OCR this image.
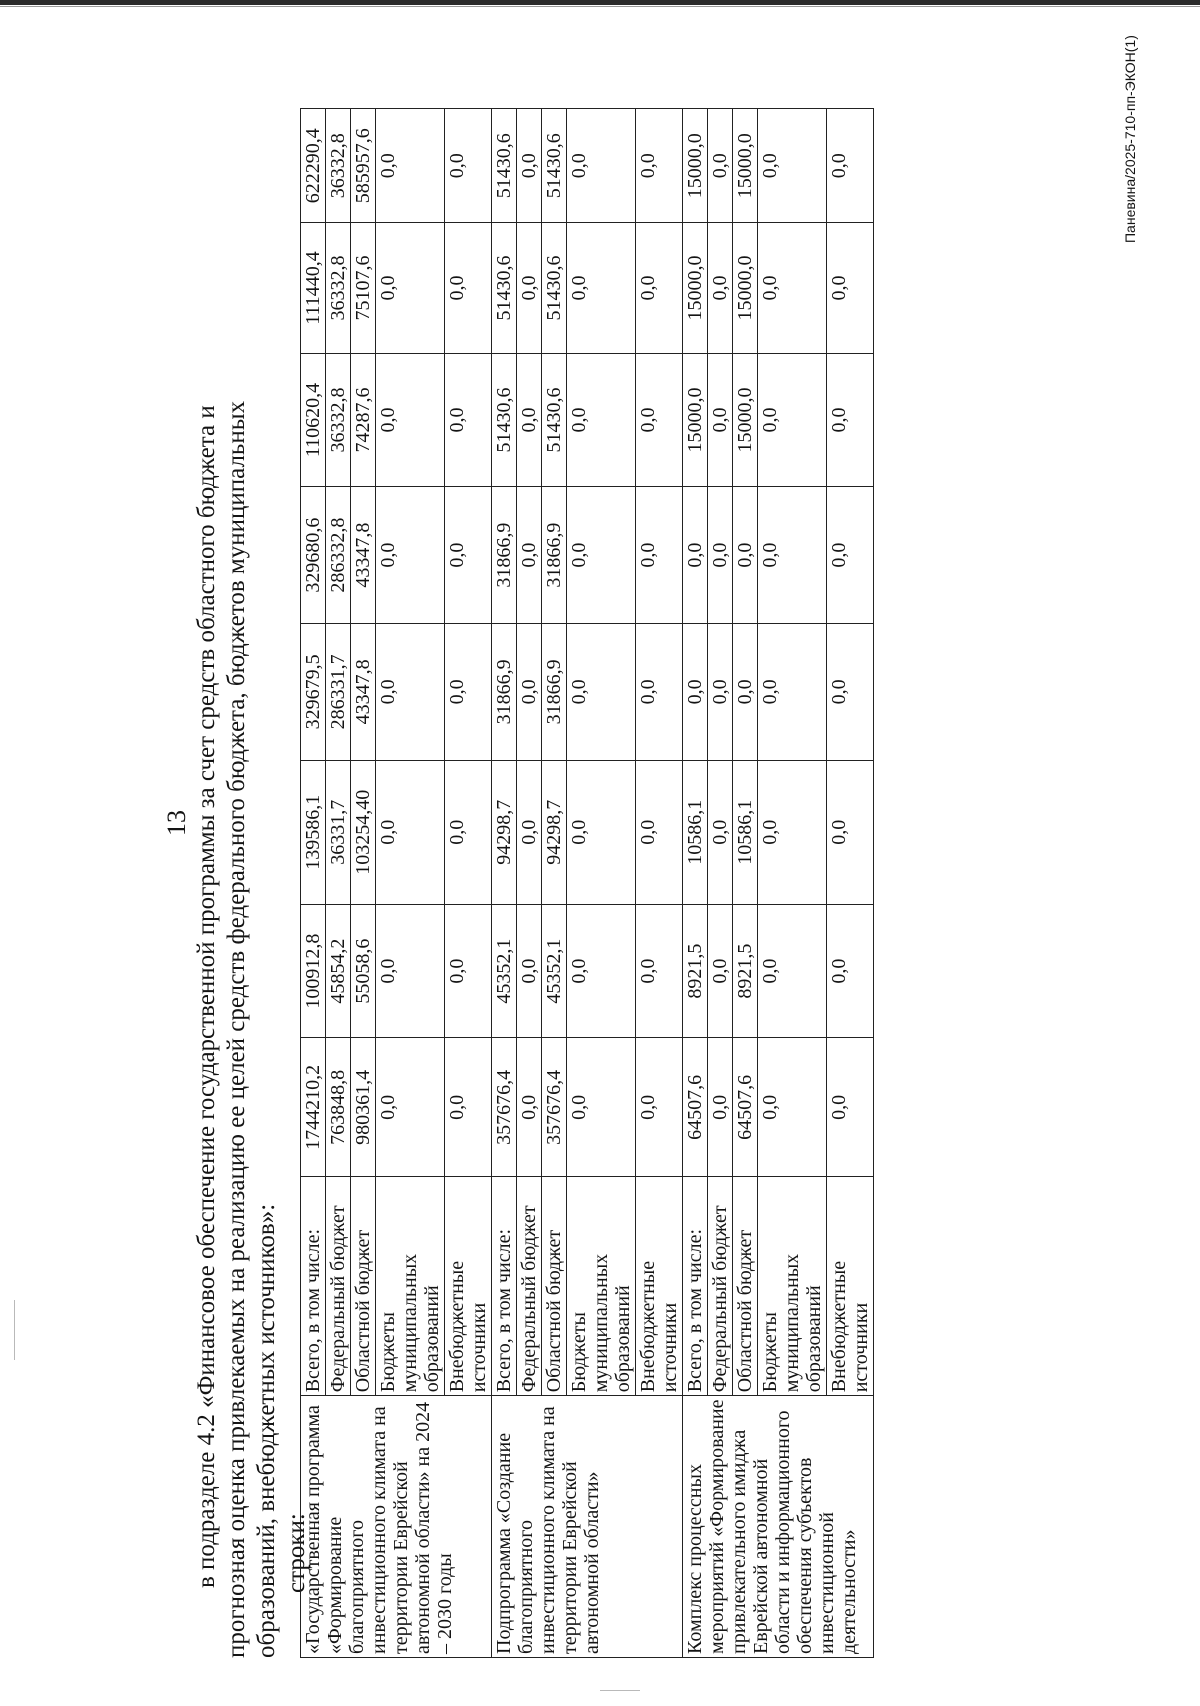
13 в подразделе 4.2 «Финансовое обеспечение государственной программы за счет средств областного бюджета и прогнозная оценка привлекаемых на реализацию ее целей средств федерального бюджета, бюджетов муниципальных образований, внебюджетных источников»: строки:

«Государственная программа «Формирование благоприятного инвестиционного климата на территории Еврейской автономной области» на 2024 – 2030 годы	Всего, в том числе:	1744210,2	100912,8	139586,1	329679,5	329680,6	110620,4	111440,4	622290,4
	Федеральный бюджет	763848,8	45854,2	36331,7	286331,7	286332,8	36332,8	36332,8	36332,8
	Областной бюджет	980361,4	55058,6	103254,40	43347,8	43347,8	74287,6	75107,6	585957,6
	Бюджеты муниципальных образований	0,0	0,0	0,0	0,0	0,0	0,0	0,0	0,0
	Внебюджетные источники	0,0	0,0	0,0	0,0	0,0	0,0	0,0	0,0
Подпрограмма «Создание благоприятного инвестиционного климата на территории Еврейской автономной области»	Всего, в том числе:	357676,4	45352,1	94298,7	31866,9	31866,9	51430,6	51430,6	51430,6
	Федеральный бюджет	0,0	0,0	0,0	0,0	0,0	0,0	0,0	0,0
	Областной бюджет	357676,4	45352,1	94298,7	31866,9	31866,9	51430,6	51430,6	51430,6
	Бюджеты муниципальных образований	0,0	0,0	0,0	0,0	0,0	0,0	0,0	0,0
	Внебюджетные источники	0,0	0,0	0,0	0,0	0,0	0,0	0,0	0,0
Комплекс процессных мероприятий «Формирование привлекательного имиджа Еврейской автономной области и информационного обеспечения субъектов инвестиционной деятельности»	Всего, в том числе:	64507,6	8921,5	10586,1	0,0	0,0	15000,0	15000,0	15000,0
	Федеральный бюджет	0,0	0,0	0,0	0,0	0,0	0,0	0,0	0,0
	Областной бюджет	64507,6	8921,5	10586,1	0,0	0,0	15000,0	15000,0	15000,0
	Бюджеты муниципальных образований	0,0	0,0	0,0	0,0	0,0	0,0	0,0	0,0
	Внебюджетные источники	0,0	0,0	0,0	0,0	0,0	0,0	0,0	0,0	Паневина/2025-710-пп-ЭКОН(1)
